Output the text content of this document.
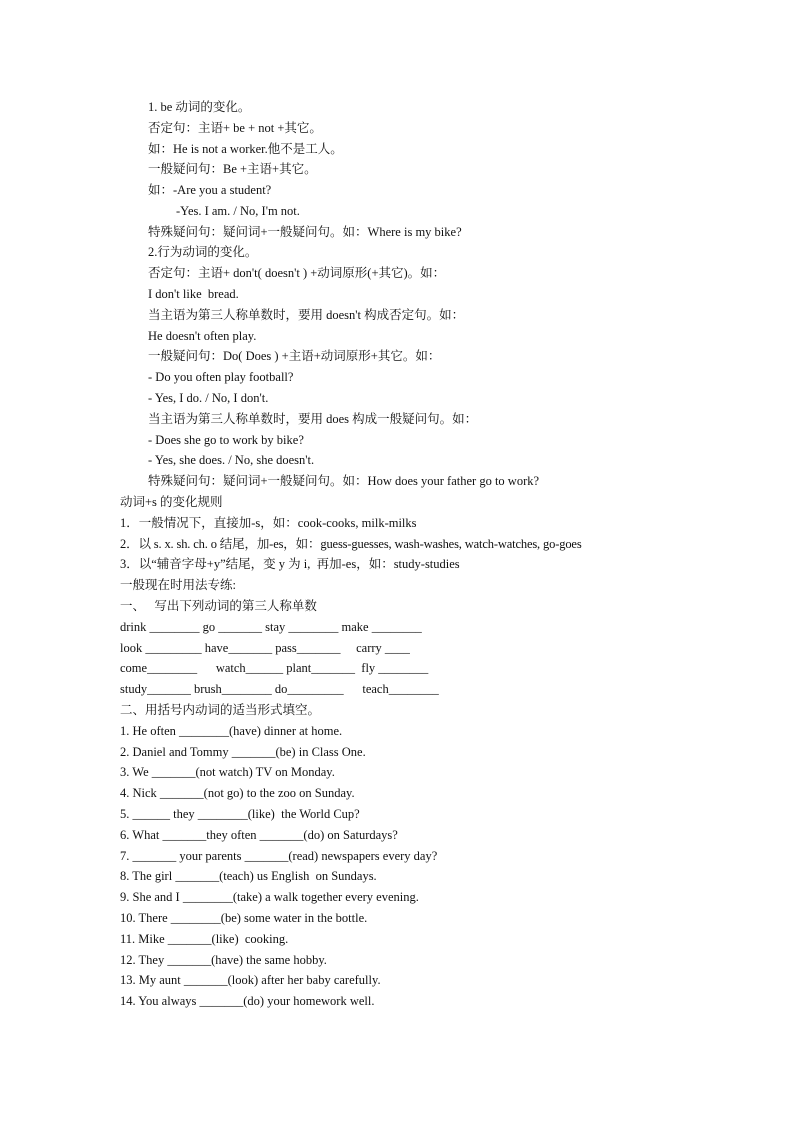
1. be 动词的变化。
否定句：主语+ be + not +其它。
如：He is not a worker.他不是工人。
一般疑问句：Be +主语+其它。
如：-Are you a student?
-Yes. I am. / No, I'm not.
特殊疑问句：疑问词+一般疑问句。如：Where is my bike?
2.行为动词的变化。
否定句：主语+ don't( doesn't ) +动词原形(+其它)。如：
I don't like  bread.
当主语为第三人称单数时，要用 doesn't 构成否定句。如：
He doesn't often play.
一般疑问句：Do( Does ) +主语+动词原形+其它。如：
- Do you often play football?
- Yes, I do. / No, I don't.
当主语为第三人称单数时，要用 does 构成一般疑问句。如：
- Does she go to work by bike?
- Yes, she does. / No, she doesn't.
特殊疑问句：疑问词+一般疑问句。如：How does your father go to work?
动词+s 的变化规则
1．一般情况下，直接加-s，如：cook-cooks, milk-milks
2．以 s. x. sh. ch. o 结尾，加-es，如：guess-guesses, wash-washes, watch-watches, go-goes
3．以“辅音字母+y”结尾，变 y 为 i,  再加-es，如：study-studies
一般现在时用法专练:
一、   写出下列动词的第三人称单数
drink ________ go _______ stay ________ make ________
look _________ have_______ pass_______     carry ____
come________      watch______ plant_______  fly ________
study_______ brush________ do_________      teach________
二、用括号内动词的适当形式填空。
1. He often ________(have) dinner at home.
2. Daniel and Tommy _______(be) in Class One.
3. We _______(not watch) TV on Monday.
4. Nick _______(not go) to the zoo on Sunday.
5. ______ they ________(like)  the World Cup?
6. What _______they often _______(do) on Saturdays?
7. _______ your parents _______(read) newspapers every day?
8. The girl _______(teach) us English  on Sundays.
9. She and I ________(take) a walk together every evening.
10. There ________(be) some water in the bottle.
11. Mike _______(like)  cooking.
12. They _______(have) the same hobby.
13. My aunt _______(look) after her baby carefully.
14. You always _______(do) your homework well.
